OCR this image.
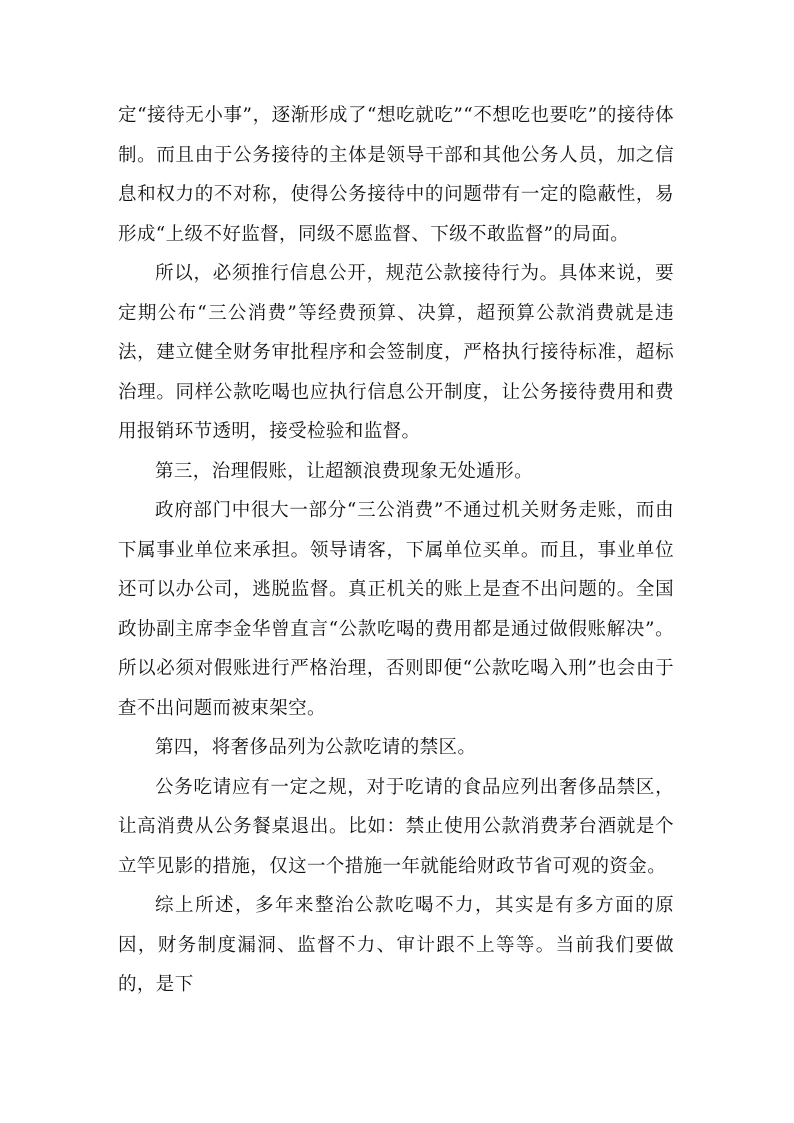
定“接待无小事”，逐渐形成了“想吃就吃”“不想吃也要吃”的接待体制。而且由于公务接待的主体是领导干部和其他公务人员，加之信息和权力的不对称，使得公务接待中的问题带有一定的隐蔽性，易形成“上级不好监督，同级不愿监督、下级不敢监督”的局面。

所以，必须推行信息公开，规范公款接待行为。具体来说，要定期公布“三公消费”等经费预算、决算，超预算公款消费就是违法，建立健全财务审批程序和会签制度，严格执行接待标准，超标治理。同样公款吃喝也应执行信息公开制度，让公务接待费用和费用报销环节透明，接受检验和监督。

第三，治理假账，让超额浪费现象无处遁形。

政府部门中很大一部分“三公消费”不通过机关财务走账，而由下属事业单位来承担。领导请客，下属单位买单。而且，事业单位还可以办公司，逃脱监督。真正机关的账上是查不出问题的。全国政协副主席李金华曾直言“公款吃喝的费用都是通过做假账解决”。所以必须对假账进行严格治理，否则即便“公款吃喝入刑”也会由于查不出问题而被束架空。

第四，将奢侈品列为公款吃请的禁区。

公务吃请应有一定之规，对于吃请的食品应列出奢侈品禁区，让高消费从公务餐桌退出。比如：禁止使用公款消费茅台酒就是个立竿见影的措施，仅这一个措施一年就能给财政节省可观的资金。

综上所述，多年来整治公款吃喝不力，其实是有多方面的原因，财务制度漏洞、监督不力、审计跟不上等等。当前我们要做的，是下
